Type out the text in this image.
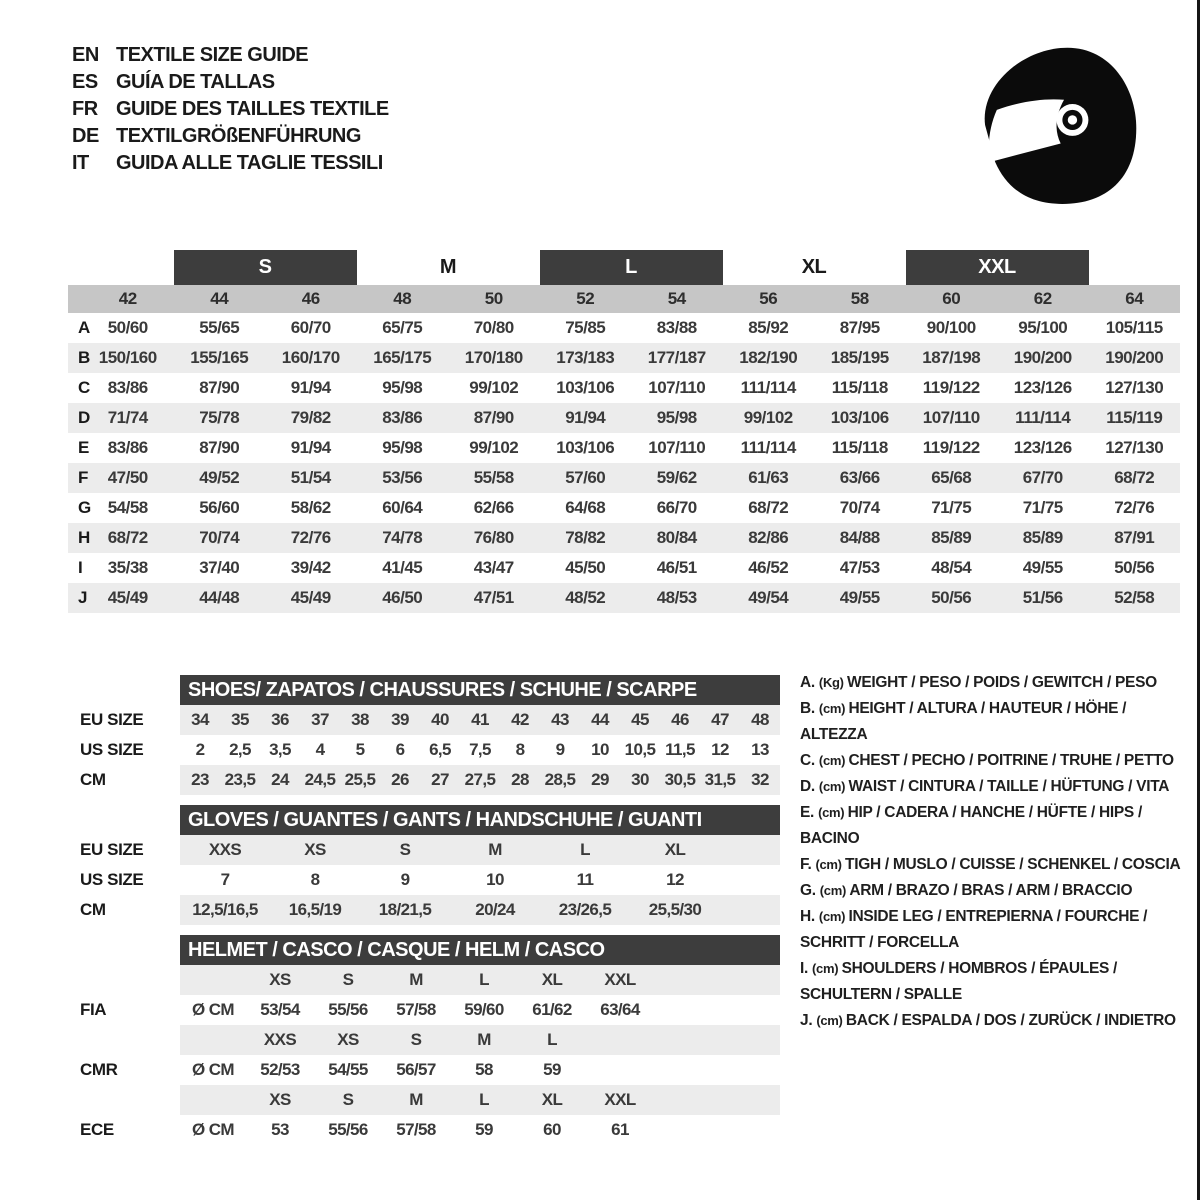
EN TEXTILE SIZE GUIDE
ES GUÍA DE TALLAS
FR GUIDE DES TAILLES TEXTILE
DE TEXTILGRÖßENFÜHRUNG
IT	GUIDA ALLE TAGLIE TESSILI
S	M	L	XL	XXL
42	44	46	48	50	52	54	56	58	60	62	64
A	50/60	55/65	60/70	65/75	70/80	75/85	83/88	85/92	87/95	90/100	95/100	105/115
B 150/160	155/165	160/170	165/175	170/180	173/183	177/187	182/190	185/195	187/198	190/200	190/200
C	83/86	87/90	91/94	95/98	99/102	103/106	107/110	111/114	115/118	119/122	123/126	127/130
D	71/74	75/78	79/82	83/86	87/90	91/94	95/98	99/102	103/106	107/110	111/114	115/119
E	83/86	87/90	91/94	95/98	99/102	103/106	107/110	111/114	115/118	119/122	123/126	127/130
F	47/50	49/52	51/54	53/56	55/58	57/60	59/62	61/63	63/66	65/68	67/70	68/72
G 54/58	56/60	58/62	60/64	62/66	64/68	66/70	68/72	70/74	71/75	71/75	72/76
H	68/72	70/74	72/76	74/78	76/80	78/82	80/84	82/86	84/88	85/89	85/89	87/91
I	35/38	37/40	39/42	41/45	43/47	45/50	46/51	46/52	47/53	48/54	49/55	50/56
J	45/49	44/48	45/49	46/50	47/51	48/52	48/53	49/54	49/55	50/56	51/56	52/58
SHOES/ ZAPATOS / CHAUSSURES / SCHUHE / SCARPE
EU SIZE	34	35	36	37	38	39	40	41	42	43	44	45	46	47	48
US SIZE	2	2,5	3,5	4	5	6	6,5	7,5	8	9	10 10,5 11,5 12	13
CM	23 23,5 24 24,5 25,5 26	27 27,5 28 28,5 29	30 30,5 31,5 32
GLOVES / GUANTES / GANTS / HANDSCHUHE / GUANTI
EU SIZE	XXS	XS	S	M	L	XL
US SIZE	7	8	9	10	11	12
CM	12,5/16,5	16,5/19	18/21,5	20/24	23/26,5	25,5/30
HELMET / CASCO / CASQUE / HELM / CASCO
XS	S	M	L	XL	XXL
FIA	Ø CM	53/54	55/56	57/58	59/60	61/62	63/64
XXS	XS	S	M	L
CMR	Ø CM	52/53	54/55	56/57	58	59
XS	S	M	L	XL	XXL
ECE	Ø CM	53	55/56	57/58	59	60	61
A. (Kg) WEIGHT / PESO / POIDS / GEWITCH / PESO
B. (cm) HEIGHT / ALTURA / HAUTEUR / HÖHE / ALTEZZA
C. (cm) CHEST / PECHO / POITRINE / TRUHE / PETTO
D. (cm) WAIST / CINTURA / TAILLE / HÜFTUNG / VITA
E. (cm) HIP / CADERA / HANCHE / HÜFTE / HIPS / BACINO
F. (cm) TIGH / MUSLO / CUISSE / SCHENKEL / COSCIA
G. (cm) ARM / BRAZO / BRAS / ARM / BRACCIO
H. (cm) INSIDE LEG / ENTREPIERNA / FOURCHE / SCHRITT / FORCELLA
I. (cm) SHOULDERS / HOMBROS / ÉPAULES / SCHULTERN / SPALLE
J. (cm) BACK / ESPALDA / DOS / ZURÜCK / INDIETRO
